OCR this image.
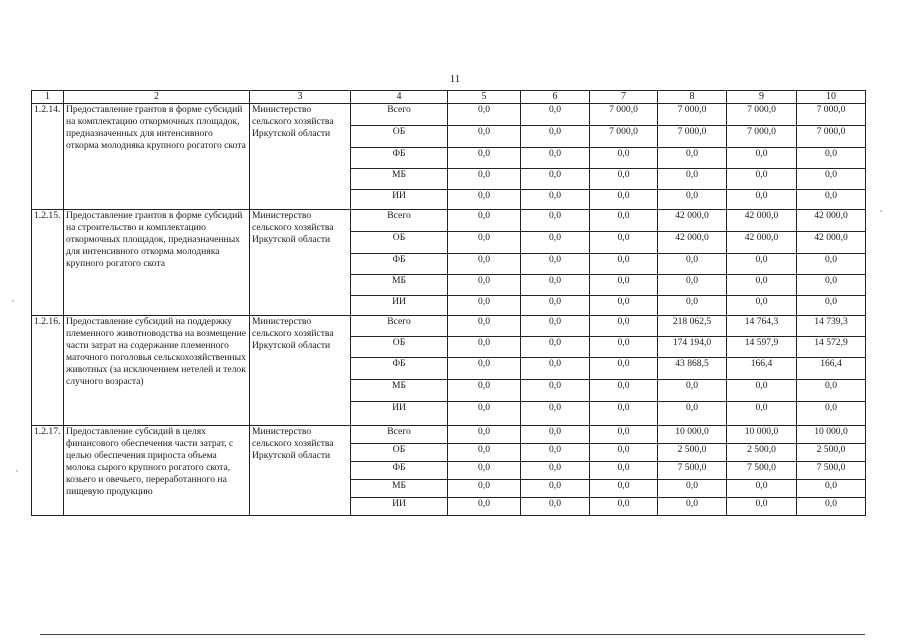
11
1	2	3	4	5	6	7	8	9	10
1.2.14.	Предоставление грантов в форме субсидий на комплектацию откормочных площадок, предназначенных для интенсивного откорма молодняка крупного рогатого скота	Министерство сельского хозяйства Иркутской области	Всего	0,0	0,0	7 000,0	7 000,0	7 000,0	7 000,0
			ОБ	0,0	0,0	7 000,0	7 000,0	7 000,0	7 000,0
			ФБ	0,0	0,0	0,0	0,0	0,0	0,0
			МБ	0,0	0,0	0,0	0,0	0,0	0,0
			ИИ	0,0	0,0	0,0	0,0	0,0	0,0
1.2.15.	Предоставление грантов в форме субсидий на строительство и комплектацию откормочных площадок, предназначенных для интенсивного откорма молодняка крупного рогатого скота	Министерство сельского хозяйства Иркутской области	Всего	0,0	0,0	0,0	42 000,0	42 000,0	42 000,0
			ОБ	0,0	0,0	0,0	42 000,0	42 000,0	42 000,0
			ФБ	0,0	0,0	0,0	0,0	0,0	0,0
			МБ	0,0	0,0	0,0	0,0	0,0	0,0
			ИИ	0,0	0,0	0,0	0,0	0,0	0,0
1.2.16.	Предоставление субсидий на поддержку племенного животноводства на возмещение части затрат на содержание племенного маточного поголовья сельскохозяйственных животных (за исключением нетелей и телок случного возраста)	Министерство сельского хозяйства Иркутской области	Всего	0,0	0,0	0,0	218 062,5	14 764,3	14 739,3
			ОБ	0,0	0,0	0,0	174 194,0	14 597,9	14 572,9
			ФБ	0,0	0,0	0,0	43 868,5	166,4	166,4
			МБ	0,0	0,0	0,0	0,0	0,0	0,0
			ИИ	0,0	0,0	0,0	0,0	0,0	0,0
1.2.17.	Предоставление субсидий в целях финансового обеспечения части затрат, с целью обеспечения прироста объема молока сырого крупного рогатого скота, козьего и овечьего, переработанного на пищевую продукцию	Министерство сельского хозяйства Иркутской области	Всего	0,0	0,0	0,0	10 000,0	10 000,0	10 000,0
			ОБ	0,0	0,0	0,0	2 500,0	2 500,0	2 500,0
			ФБ	0,0	0,0	0,0	7 500,0	7 500,0	7 500,0
			МБ	0,0	0,0	0,0	0,0	0,0	0,0
			ИИ	0,0	0,0	0,0	0,0	0,0	0,0
